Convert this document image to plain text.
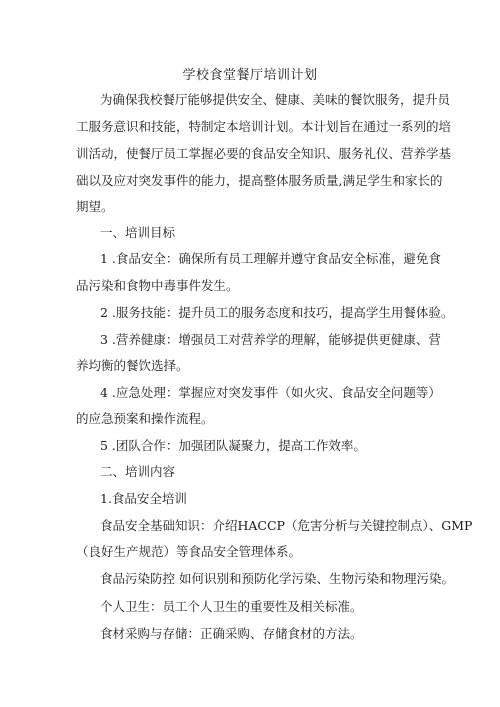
学校食堂餐厅培训计划
为确保我校餐厅能够提供安全、健康、美味的餐饮服务，提升员
工服务意识和技能，特制定本培训计划。本计划旨在通过一系列的培
训活动，使餐厅员工掌握必要的食品安全知识、服务礼仪、营养学基
础以及应对突发事件的能力，提高整体服务质量,满足学生和家长的
期望。
一、培训目标
1 .食品安全：确保所有员工理解并遵守食品安全标准，避免食
品污染和食物中毒事件发生。
2 .服务技能：提升员工的服务态度和技巧，提高学生用餐体验。
3 .营养健康：增强员工对营养学的理解，能够提供更健康、营
养均衡的餐饮选择。
4 .应急处理：掌握应对突发事件（如火灾、食品安全问题等）
的应急预案和操作流程。
5 .团队合作：加强团队凝聚力，提高工作效率。
二、培训内容
1.食品安全培训
食品安全基础知识：介绍HACCP（危害分析与关键控制点）、GMP
（良好生产规范）等食品安全管理体系。
食品污染防控 如何识别和预防化学污染、生物污染和物理污染。
个人卫生：员工个人卫生的重要性及相关标准。
食材采购与存储：正确采购、存储食材的方法。
